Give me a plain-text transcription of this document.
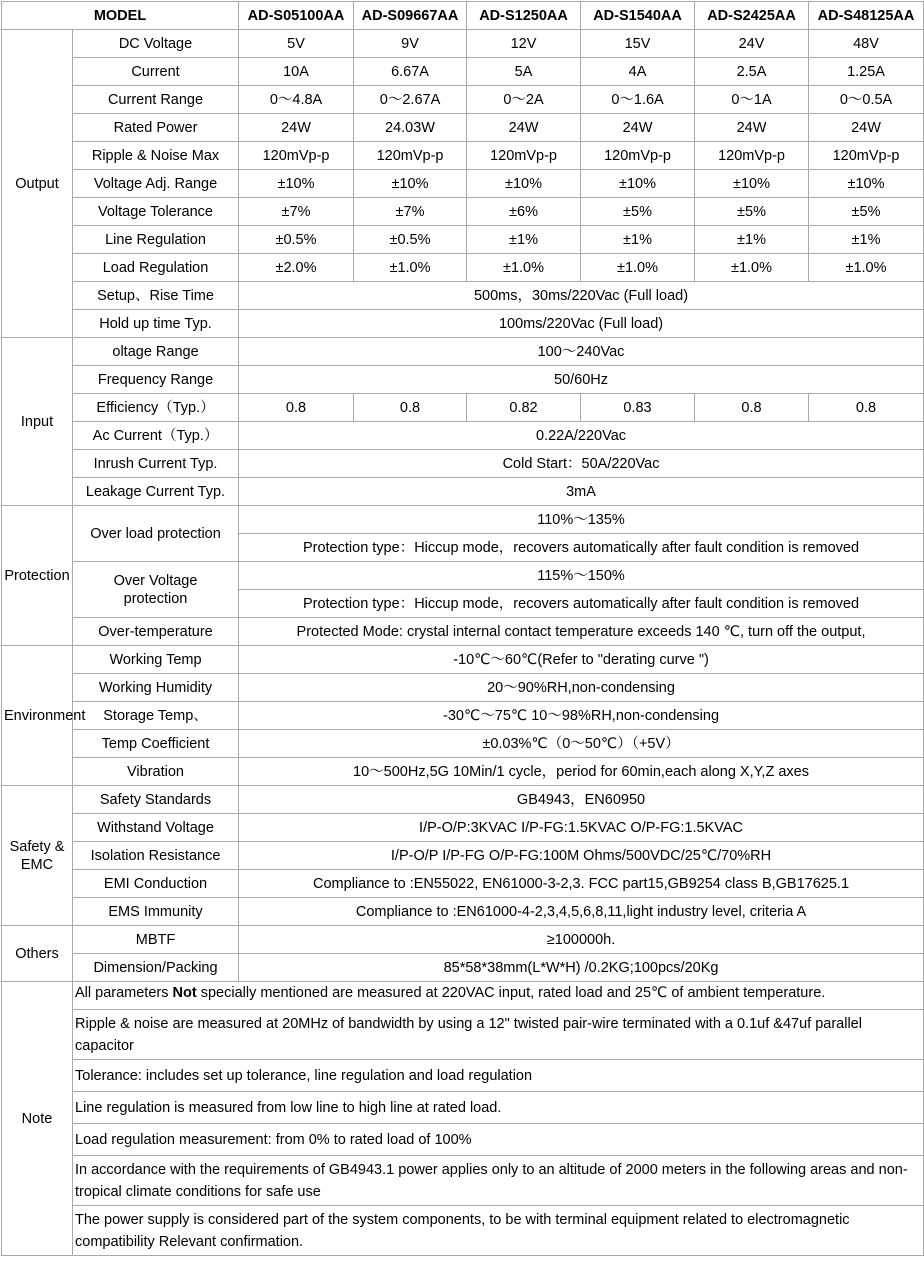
MODEL		AD-S05100AA	AD-S09667AA	AD-S1250AA	AD-S1540AA	AD-S2425AA	AD-S48125AA
Output	DC Voltage	5V	9V	12V	15V	24V	48V
	Current	10A	6.67A	5A	4A	2.5A	1.25A
	Current Range	0～4.8A	0～2.67A	0～2A	0～1.6A	0～1A	0～0.5A
	Rated Power	24W	24.03W	24W	24W	24W	24W
	Ripple & Noise Max	120mVp-p	120mVp-p	120mVp-p	120mVp-p	120mVp-p	120mVp-p
	Voltage Adj. Range	±10%	±10%	±10%	±10%	±10%	±10%
	Voltage Tolerance	±7%	±7%	±6%	±5%	±5%	±5%
	Line Regulation	±0.5%	±0.5%	±1%	±1%	±1%	±1%
	Load Regulation	±2.0%	±1.0%	±1.0%	±1.0%	±1.0%	±1.0%
	Setup、Rise Time	500ms，30ms/220Vac (Full load)					
	Hold up time Typ.	100ms/220Vac (Full load)					
Input	oltage Range	100～240Vac					
	Frequency Range	50/60Hz					
	Efficiency（Typ.）	0.8	0.8	0.82	0.83	0.8	0.8
	Ac Current（Typ.）	0.22A/220Vac					
	Inrush Current Typ.	Cold Start：50A/220Vac					
	Leakage Current Typ.	3mA					
Protection	Over load protection	110%～135%					
		Protection type：Hiccup mode，recovers automatically after fault condition is removed					
	Over Voltage protection	115%～150%					
		Protection type：Hiccup mode，recovers automatically after fault condition is removed					
	Over-temperature	Protected Mode: crystal internal contact temperature exceeds 140 ℃, turn off the output,					
Environment	Working Temp	-10℃～60℃(Refer to "derating curve ")					
	Working Humidity	20～90%RH,non-condensing					
	Storage Temp、	-30℃～75℃ 10～98%RH,non-condensing					
	Temp Coefficient	±0.03%℃（0～50℃）（+5V）					
	Vibration	10～500Hz,5G 10Min/1 cycle，period for 60min,each along X,Y,Z axes					
Safety & EMC	Safety Standards	GB4943，EN60950					
	Withstand Voltage	I/P-O/P:3KVAC I/P-FG:1.5KVAC O/P-FG:1.5KVAC					
	Isolation Resistance	I/P-O/P I/P-FG O/P-FG:100M Ohms/500VDC/25℃/70%RH					
	EMI Conduction	Compliance to :EN55022, EN61000-3-2,3. FCC part15,GB9254 class B,GB17625.1					
	EMS Immunity	Compliance to :EN61000-4-2,3,4,5,6,8,11,light industry level, criteria A					
Others	MBTF	≥100000h.					
	Dimension/Packing	85*58*38mm(L*W*H) /0.2KG;100pcs/20Kg					
Note	All parameters Not specially mentioned are measured at 220VAC input, rated load and 25℃ of ambient temperature.						

	Ripple & noise are measured at 20MHz of bandwidth by using a 12" twisted pair-wire terminated with a 0.1uf &47uf parallel capacitor						
	Tolerance: includes set up tolerance, line regulation and load regulation						
	Line regulation is measured from low line to high line at rated load.						
	Load regulation measurement: from 0% to rated load of 100%						
	In accordance with the requirements of GB4943.1 power applies only to an altitude of 2000 meters in the following areas and non-tropical climate conditions for safe use						
	The power supply is considered part of the system components, to be with terminal equipment related to electromagnetic compatibility Relevant confirmation.						
